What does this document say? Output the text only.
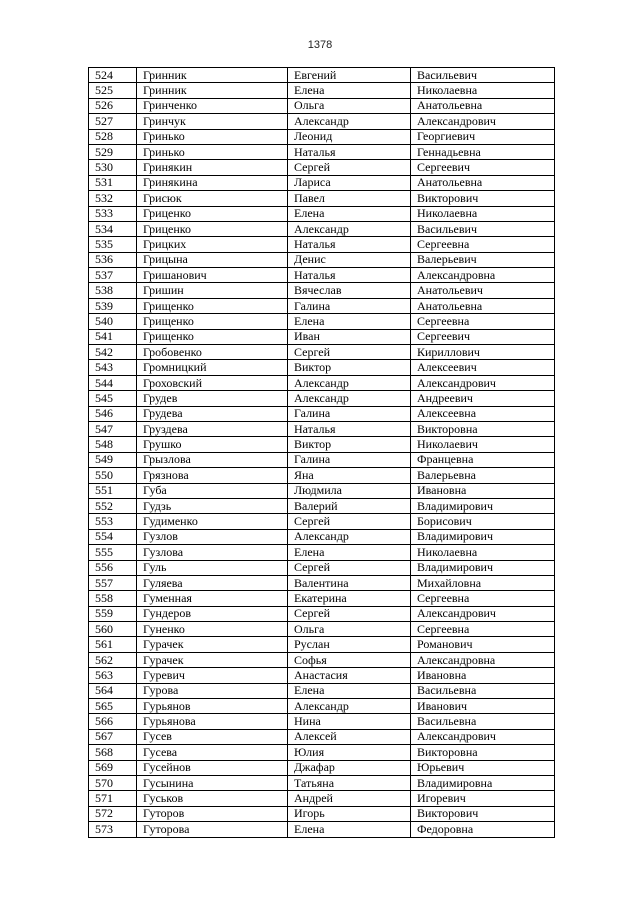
1378
524	Гринник	Евгений	Васильевич
525	Гринник	Елена	Николаевна
526	Гринченко	Ольга	Анатольевна
527	Гринчук	Александр	Александрович
528	Гринько	Леонид	Георгиевич
529	Гринько	Наталья	Геннадьевна
530	Гринякин	Сергей	Сергеевич
531	Гринякина	Лариса	Анатольевна
532	Грисюк	Павел	Викторович
533	Гриценко	Елена	Николаевна
534	Гриценко	Александр	Васильевич
535	Грицких	Наталья	Сергеевна
536	Грицына	Денис	Валерьевич
537	Гришанович	Наталья	Александровна
538	Гришин	Вячеслав	Анатольевич
539	Грищенко	Галина	Анатольевна
540	Грищенко	Елена	Сергеевна
541	Грищенко	Иван	Сергеевич
542	Гробовенко	Сергей	Кириллович
543	Громницкий	Виктор	Алексеевич
544	Гроховский	Александр	Александрович
545	Грудев	Александр	Андреевич
546	Грудева	Галина	Алексеевна
547	Груздева	Наталья	Викторовна
548	Грушко	Виктор	Николаевич
549	Грызлова	Галина	Францевна
550	Грязнова	Яна	Валерьевна
551	Губа	Людмила	Ивановна
552	Гудзь	Валерий	Владимирович
553	Гудименко	Сергей	Борисович
554	Гузлов	Александр	Владимирович
555	Гузлова	Елена	Николаевна
556	Гуль	Сергей	Владимирович
557	Гуляева	Валентина	Михайловна
558	Гуменная	Екатерина	Сергеевна
559	Гундеров	Сергей	Александрович
560	Гуненко	Ольга	Сергеевна
561	Гурачек	Руслан	Романович
562	Гурачек	Софья	Александровна
563	Гуревич	Анастасия	Ивановна
564	Гурова	Елена	Васильевна
565	Гурьянов	Александр	Иванович
566	Гурьянова	Нина	Васильевна
567	Гусев	Алексей	Александрович
568	Гусева	Юлия	Викторовна
569	Гусейнов	Джафар	Юрьевич
570	Гусынина	Татьяна	Владимировна
571	Гуськов	Андрей	Игоревич
572	Гуторов	Игорь	Викторович
573	Гуторова	Елена	Федоровна
